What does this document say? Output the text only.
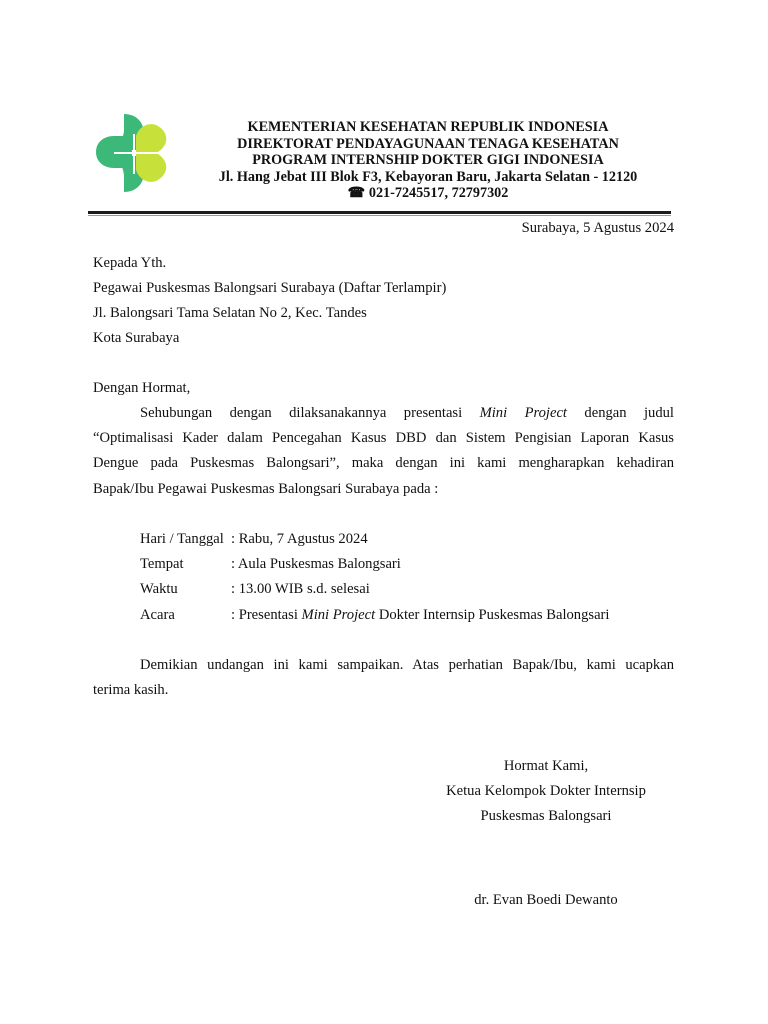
KEMENTERIAN KESEHATAN REPUBLIK INDONESIA
DIREKTORAT PENDAYAGUNAAN TENAGA KESEHATAN
PROGRAM INTERNSHIP DOKTER GIGI INDONESIA
Jl. Hang Jebat III Blok F3, Kebayoran Baru, Jakarta Selatan - 12120
☎ 021-7245517, 72797302
Surabaya, 5 Agustus 2024
Kepada Yth.
Pegawai Puskesmas Balongsari Surabaya (Daftar Terlampir)
Jl. Balongsari Tama Selatan No 2, Kec. Tandes
Kota Surabaya
Dengan Hormat,
Sehubungan dengan dilaksanakannya presentasi Mini Project dengan judul
“Optimalisasi Kader dalam Pencegahan Kasus DBD dan Sistem Pengisian Laporan Kasus
Dengue pada Puskesmas Balongsari”, maka dengan ini kami mengharapkan kehadiran
Bapak/Ibu Pegawai Puskesmas Balongsari Surabaya pada :
Hari / Tanggal : Rabu, 7 Agustus 2024
Tempat	: Aula Puskesmas Balongsari
Waktu	: 13.00 WIB s.d. selesai
Acara	: Presentasi Mini Project Dokter Internsip Puskesmas Balongsari
Demikian undangan ini kami sampaikan. Atas perhatian Bapak/Ibu, kami ucapkan
terima kasih.
Hormat Kami,
Ketua Kelompok Dokter Internsip
Puskesmas Balongsari
dr. Evan Boedi Dewanto
